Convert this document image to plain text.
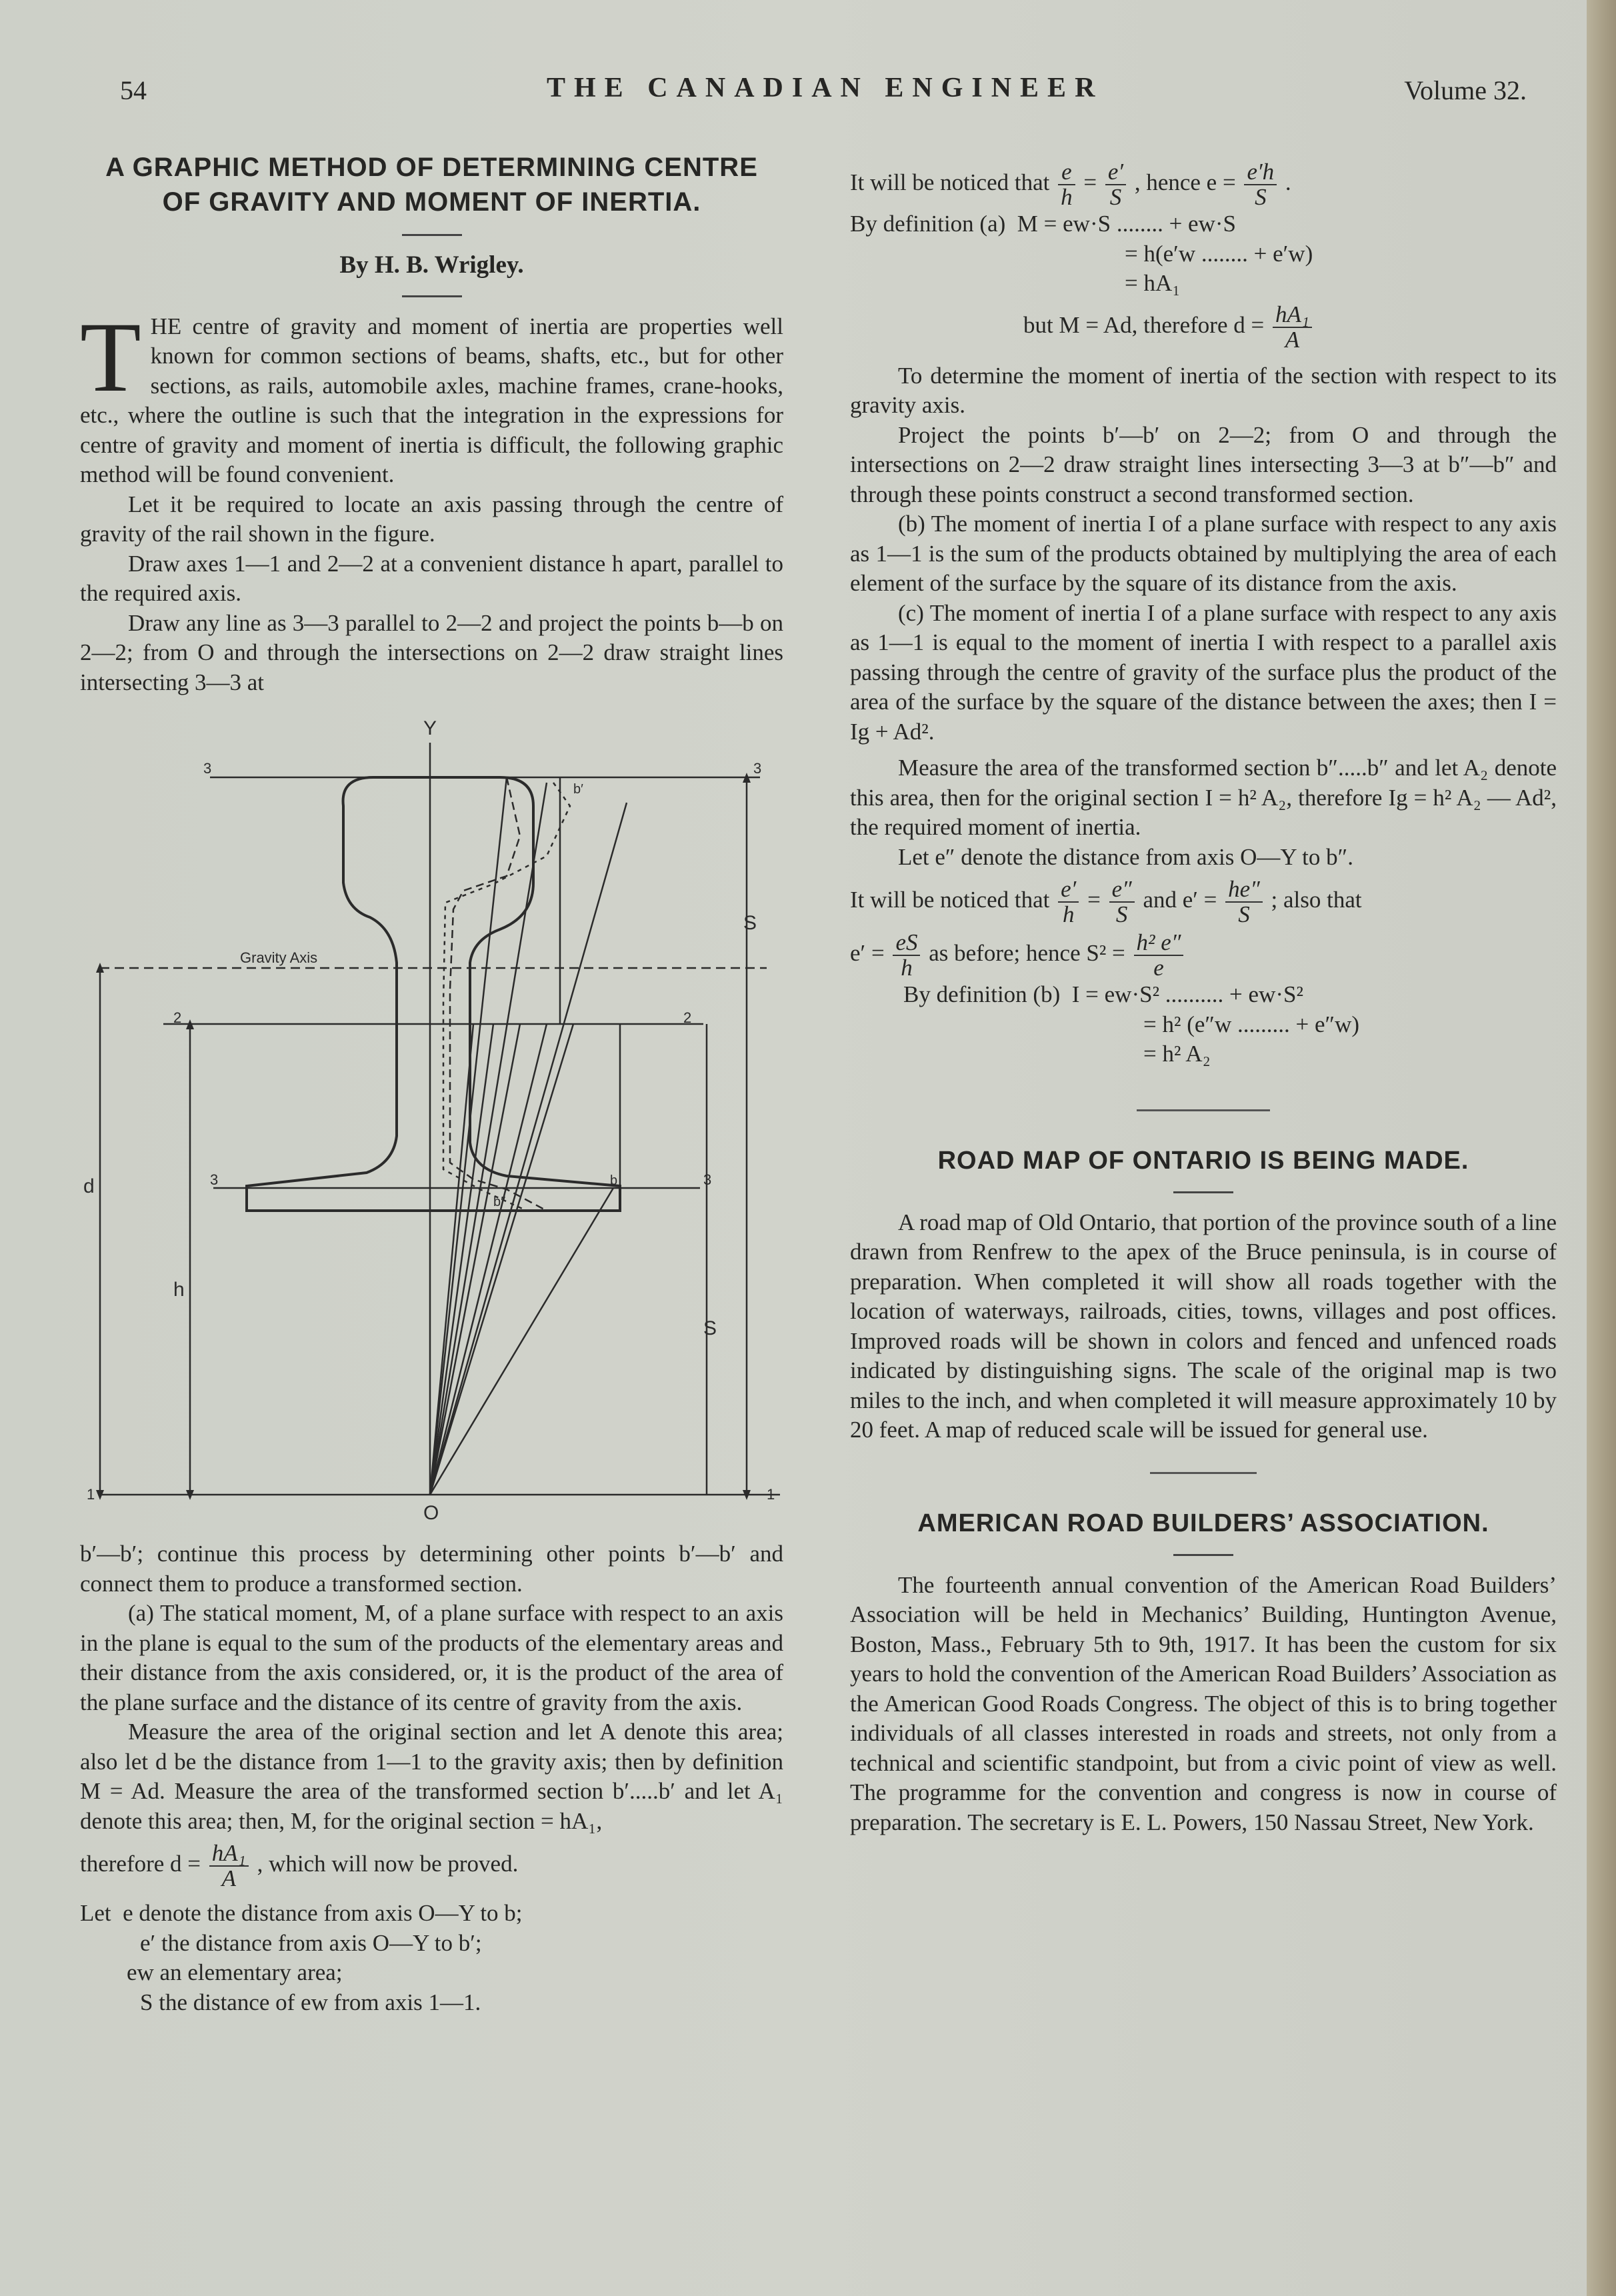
54	THE CANADIAN ENGINEER	Volume 32.
A GRAPHIC METHOD OF DETERMINING CENTRE
OF GRAVITY AND MOMENT OF INERTIA.
By H. B. Wrigley.

THE centre of gravity and moment of inertia are properties well known for common sections of beams, shafts, etc., but for other sections, as rails, automobile axles, machine frames, crane-hooks, etc., where the outline is such that the integration in the expressions for centre of gravity and moment of inertia is difficult, the following graphic method will be found convenient.

Let it be required to locate an axis passing through the centre of gravity of the rail shown in the figure.

Draw axes 1—1 and 2—2 at a convenient distance h apart, parallel to the required axis.

Draw any line as 3—3 parallel to 2—2 and project the points b—b on 2—2; from O and through the intersections on 2—2 draw straight lines intersecting 3—3 at

Y
O
S
S
d
h
Gravity Axis
2	2
3	3
3	3
1	1
b
b′
b″

b′—b′; continue this process by determining other points b′—b′ and connect them to produce a transformed section.

(a) The statical moment, M, of a plane surface with respect to an axis in the plane is equal to the sum of the products of the elementary areas and their distance from the axis considered, or, it is the product of the area of the plane surface and the distance of its centre of gravity from the axis.

Measure the area of the original section and let A denote this area; also let d be the distance from 1—1 to the gravity axis; then by definition M = Ad. Measure the area of the transformed section b′.....b′ and let A₁ denote this area; then, M, for the original section = hA₁,

therefore $d = \frac{\text{hA₁}}{A}$ , which will now be proved.

Let  e denote the distance from axis O—Y to b;
e′ the distance from axis O—Y to b′;
ew an elementary area;
S the distance of ew from axis 1—1.

It will be noticed that $\frac{e}{h} = \frac{e'}{S}$ , hence $e = \frac{e'h}{S}$ .

By definition (a)  M = ew·S ........ + ew·S
= h(e′w ........ + e′w)
= hA₁

but M = Ad, therefore $d = \frac{\text{hA₁}}{A}$

To determine the moment of inertia of the section with respect to its gravity axis.

Project the points b′—b′ on 2—2; from O and through the intersections on 2—2 draw straight lines intersecting 3—3 at b″—b″ and through these points construct a second transformed section.

(b) The moment of inertia I of a plane surface with respect to any axis as 1—1 is the sum of the products obtained by multiplying the area of each element of the surface by the square of its distance from the axis.

(c) The moment of inertia I of a plane surface with respect to any axis as 1—1 is equal to the moment of inertia I with respect to a parallel axis passing through the centre of gravity of the surface plus the product of the area of the surface by the square of the distance between the axes; then I = Ig + Ad².

Measure the area of the transformed section b″.....b″ and let A₂ denote this area, then for the original section I = h² A₂, therefore Ig = h² A₂ — Ad², the required moment of inertia.

Let e″ denote the distance from axis O—Y to b″.

It will be noticed that $\frac{e'}{h} = \frac{e''}{S}$ and $e' = \frac{he''}{S}$ ; also that

$e' = \frac{eS}{h}$ as before; hence $S^2 = \frac{\text{h² e″}}{e}$

By definition (b)  I = ew·S² .......... + ew·S²
= h² (e″w ......... + e″w)
= h² A₂
ROAD MAP OF ONTARIO IS BEING MADE.

A road map of Old Ontario, that portion of the province south of a line drawn from Renfrew to the apex of the Bruce peninsula, is in course of preparation. When completed it will show all roads together with the location of waterways, railroads, cities, towns, villages and post offices. Improved roads will be shown in colors and fenced and unfenced roads indicated by distinguishing signs. The scale of the original map is two miles to the inch, and when completed it will measure approximately 10 by 20 feet. A map of reduced scale will be issued for general use.

AMERICAN ROAD BUILDERS’ ASSOCIATION.

The fourteenth annual convention of the American Road Builders’ Association will be held in Mechanics’ Building, Huntington Avenue, Boston, Mass., February 5th to 9th, 1917. It has been the custom for six years to hold the convention of the American Road Builders’ Association as the American Good Roads Congress. The object of this is to bring together individuals of all classes interested in roads and streets, not only from a technical and scientific standpoint, but from a civic point of view as well. The programme for the convention and congress is now in course of preparation. The secretary is E. L. Powers, 150 Nassau Street, New York.
